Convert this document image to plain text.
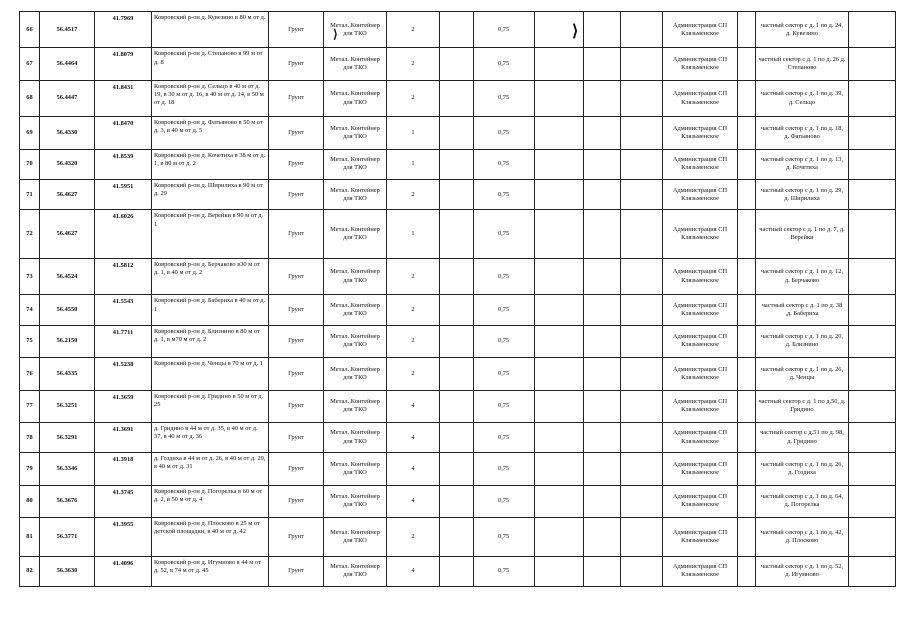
66	56.4517	41.7969	Ковровский р-он д. Кувезино в 80 м от д.	Грунт	Метал. Контейнер для ТКО	2		0,75				Администрация СП Клязьменское		частный сектор с д. 1 по д. 24, д. Кувезино	
67	56.4464	41.8079	Ковровский р-он д. Степаново в 99 м от д. 8	Грунт	Метал. Контейнер для ТКО	2		0,75				Администрация СП Клязьменское		частный сектор с д. 1 по д. 26 д. Степаново	
68	56.4447	41.8431	Ковровский р-он д. Сельцо в 40 м от д. 19, в 30 м от д. 16, в 40 м от д. 14, в 50 м от д. 18	Грунт	Метал. Контейнер для ТКО	2		0,75				Администрация СП Клязьменское		частный сектор с д. 1 по д. 39, д. Сельцо	
69	56.4330	41.8470	Ковровский р-он д. Фатьяново в 50 м от д. 3, в 40 м от д. 5	Грунт	Метал. Контейнер для ТКО	1		0,75				Администрация СП Клязьменское		частный сектор с д. 1 по д. 18, д. Фатьяново	
70	56.4320	41.8539	Ковровский р-он д. Кочетиха в 38 м от д. 1, в 80 м от д. 2	Грунт	Метал. Контейнер для ТКО	1		0,75				Администрация СП Клязьменское		частный сектор с д. 1 по д. 13, д. Кочетиха	
71	56.4627	41.5951	Ковровский р-он д. Ширилиха в 90 м от д. 29	Грунт	Метал. Контейнер для ТКО	2		0,75				Администрация СП Клязьменское		частный сектор с д. 1 по д. 29, д. Ширилиха	
72	56.4627	41.6026	Ковровский р-он д. Верейки в 90 м от д. 1	Грунт	Метал. Контейнер для ТКО	1		0,75				Администрация СП Клязьменское		частный сектор с д. 1 по д. 7, д. Верейки	
73	56.4524	41.5812	Ковровский р-он д. Берчаково в30 м от д. 1, в 40 м от д. 2	Грунт	Метал. Контейнер для ТКО	2		0,75				Администрация СП Клязьменское		частный сектор с д. 1 по д. 12, д. Берчаково	
74	56.4550	41.5543	Ковровский р-он д. Бабериха в 40 м от д. 1	Грунт	Метал. Контейнер для ТКО	2		0,75				Администрация СП Клязьменское		частный сектор с д. 1 по д. 38 ,д. Бабериха	
75	56.2150	41.7711	Ковровский р-он д. Близнино в 80 м от д. 1, в м70 м от д. 2	Грунт	Метал. Контейнер для ТКО	2		0,75				Администрация СП Клязьменское		частный сектор с д. 1 по д. 20, д. Близнино	
76	56.4335	41.5238	Ковровский р-он д. Ченцы в 70 м от д. 1	Грунт	Метал. Контейнер для ТКО	2		0,75				Администрация СП Клязьменское		частный сектор с д. 1 по д. 26, д. Ченцы	
77	56.3251	41.3659	Ковровский р-он д. Гридино в 50 м от д. 25	Грунт	Метал. Контейнер для ТКО	4		0,75				Администрация СП Клязьменское		частный сектор с д. 1 по д.50, д. Гридино	
78	56.3291	41.3691	д. Гридино в 44 м от д. 35, в 40 м от д. 37, в 40 м от д. 36	Грунт	Метал. Контейнер для ТКО	4		0,75				Администрация СП Клязьменское		частный сектор с д.51 по д. 98, д. Гридино	
79	56.3346	41.3918	д. Гоздиха в 44 м от д. 26, в 40 м от д. 29, в 40 м от д. 31	Грунт	Метал. Контейнер для ТКО	4		0,75				Администрация СП Клязьменское		частный сектор с д. 1 по д. 26, д. Гоздиха	
80	56.3676	41.3745	Ковровский р-он д. Погорелка в 60 м от д. 2, в 50 м от д. 4	Грунт	Метал. Контейнер для ТКО	4		0,75				Администрация СП Клязьменское		частный сектор с д. 1 по д. 64, д. Погорелка	
81	56.3771	41.3955	Ковровский р-он д. Плосково в 25 м от детской площадки, в 40 м от д. 42	Грунт	Метал. Контейнер для ТКО	2		0,75				Администрация СП Клязьменское		частный сектор с д. 1 по д. 42, д. Плосково	
82	56.3630	41.4096	Ковровский р-он д. Игумново в 44 м от д. 52, в 74 м от д. 45	Грунт	Метал. Контейнер для ТКО	4		0,75				Администрация СП Клязьменское		частный сектор с д. 1 по д. 52, д. Игумново	
⟩
⟩
